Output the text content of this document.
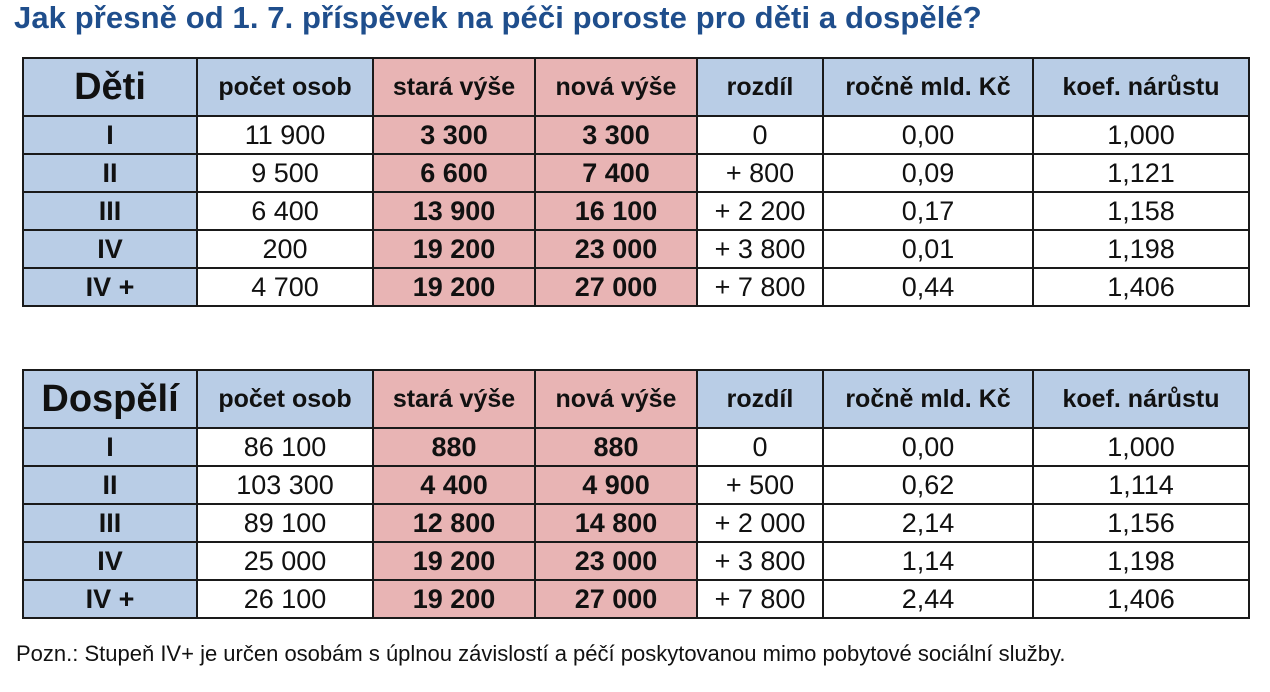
Jak přesně od 1. 7. příspěvek na péči poroste pro děti a dospělé?
Děti	počet osob	stará výše	nová výše	rozdíl	ročně mld. Kč	koef. nárůstu
I	11 900	3 300	3 300	0	0,00	1,000
II	9 500	6 600	7 400	+ 800	0,09	1,121
III	6 400	13 900	16 100	+ 2 200	0,17	1,158
IV	200	19 200	23 000	+ 3 800	0,01	1,198
IV +	4 700	19 200	27 000	+ 7 800	0,44	1,406
Dospělí	počet osob	stará výše	nová výše	rozdíl	ročně mld. Kč	koef. nárůstu
I	86 100	880	880	0	0,00	1,000
II	103 300	4 400	4 900	+ 500	0,62	1,114
III	89 100	12 800	14 800	+ 2 000	2,14	1,156
IV	25 000	19 200	23 000	+ 3 800	1,14	1,198
IV +	26 100	19 200	27 000	+ 7 800	2,44	1,406
Pozn.: Stupeň IV+ je určen osobám s úplnou závislostí a péčí poskytovanou mimo pobytové sociální služby.
